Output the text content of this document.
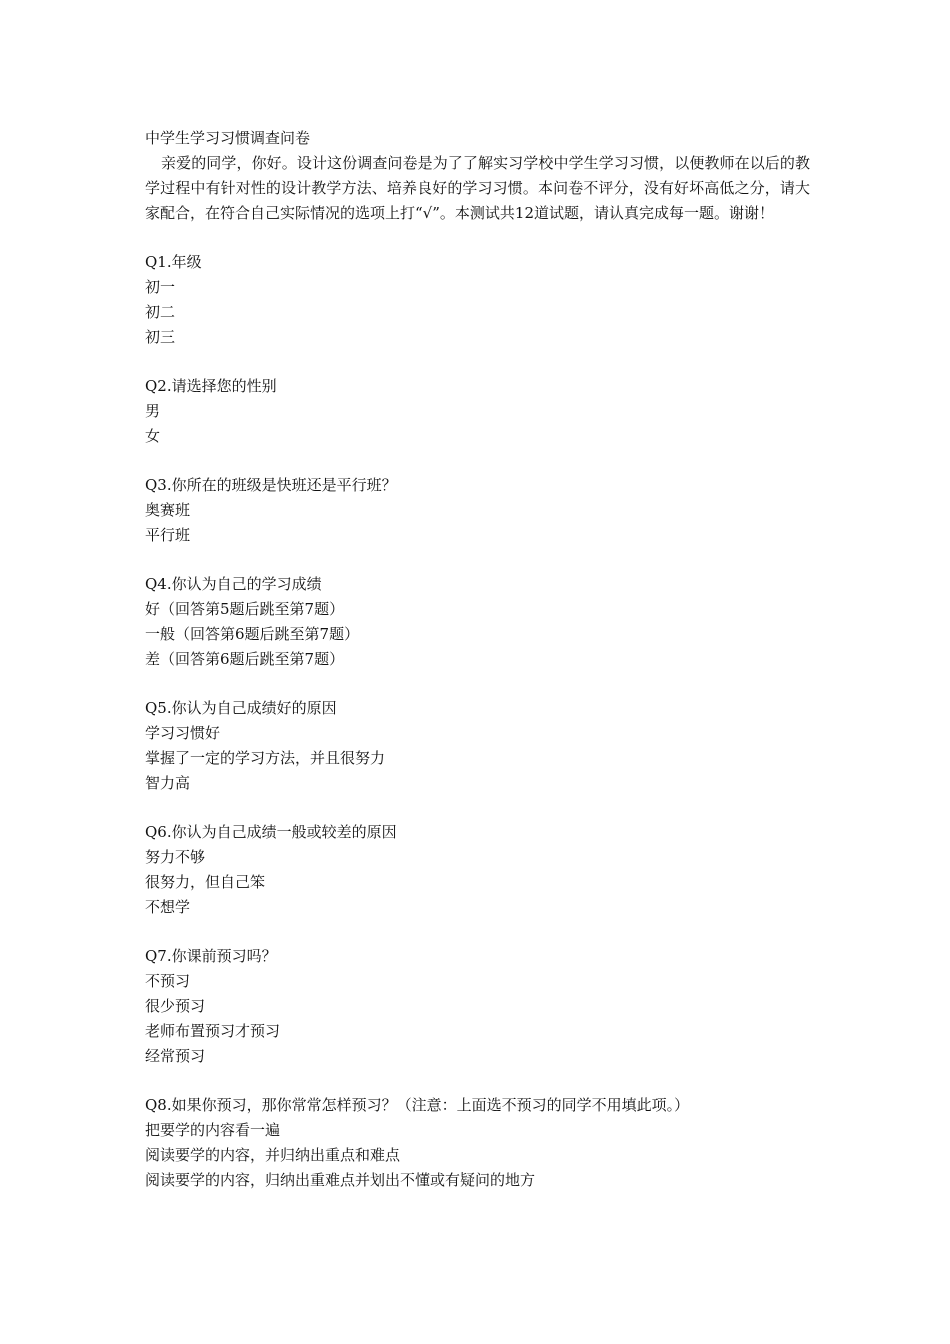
中学生学习习惯调查问卷

亲爱的同学，你好。设计这份调查问卷是为了了解实习学校中学生学习习惯，以便教师在以后的教学过程中有针对性的设计教学方法、培养良好的学习习惯。本问卷不评分，没有好坏高低之分，请大家配合，在符合自己实际情况的选项上打“√”。本测试共12道试题，请认真完成每一题。谢谢！

Q1.年级

初一
初二
初三

Q2.请选择您的性别

男
女

Q3.你所在的班级是快班还是平行班？

奥赛班
平行班

Q4.你认为自己的学习成绩

好（回答第5题后跳至第7题）
一般（回答第6题后跳至第7题）
差（回答第6题后跳至第7题）

Q5.你认为自己成绩好的原因

学习习惯好
掌握了一定的学习方法，并且很努力
智力高

Q6.你认为自己成绩一般或较差的原因

努力不够
很努力，但自己笨
不想学

Q7.你课前预习吗？

不预习
很少预习
老师布置预习才预习
经常预习

Q8.如果你预习，那你常常怎样预习？（注意：上面选不预习的同学不用填此项。）

把要学的内容看一遍
阅读要学的内容，并归纳出重点和难点
阅读要学的内容，归纳出重难点并划出不懂或有疑问的地方
